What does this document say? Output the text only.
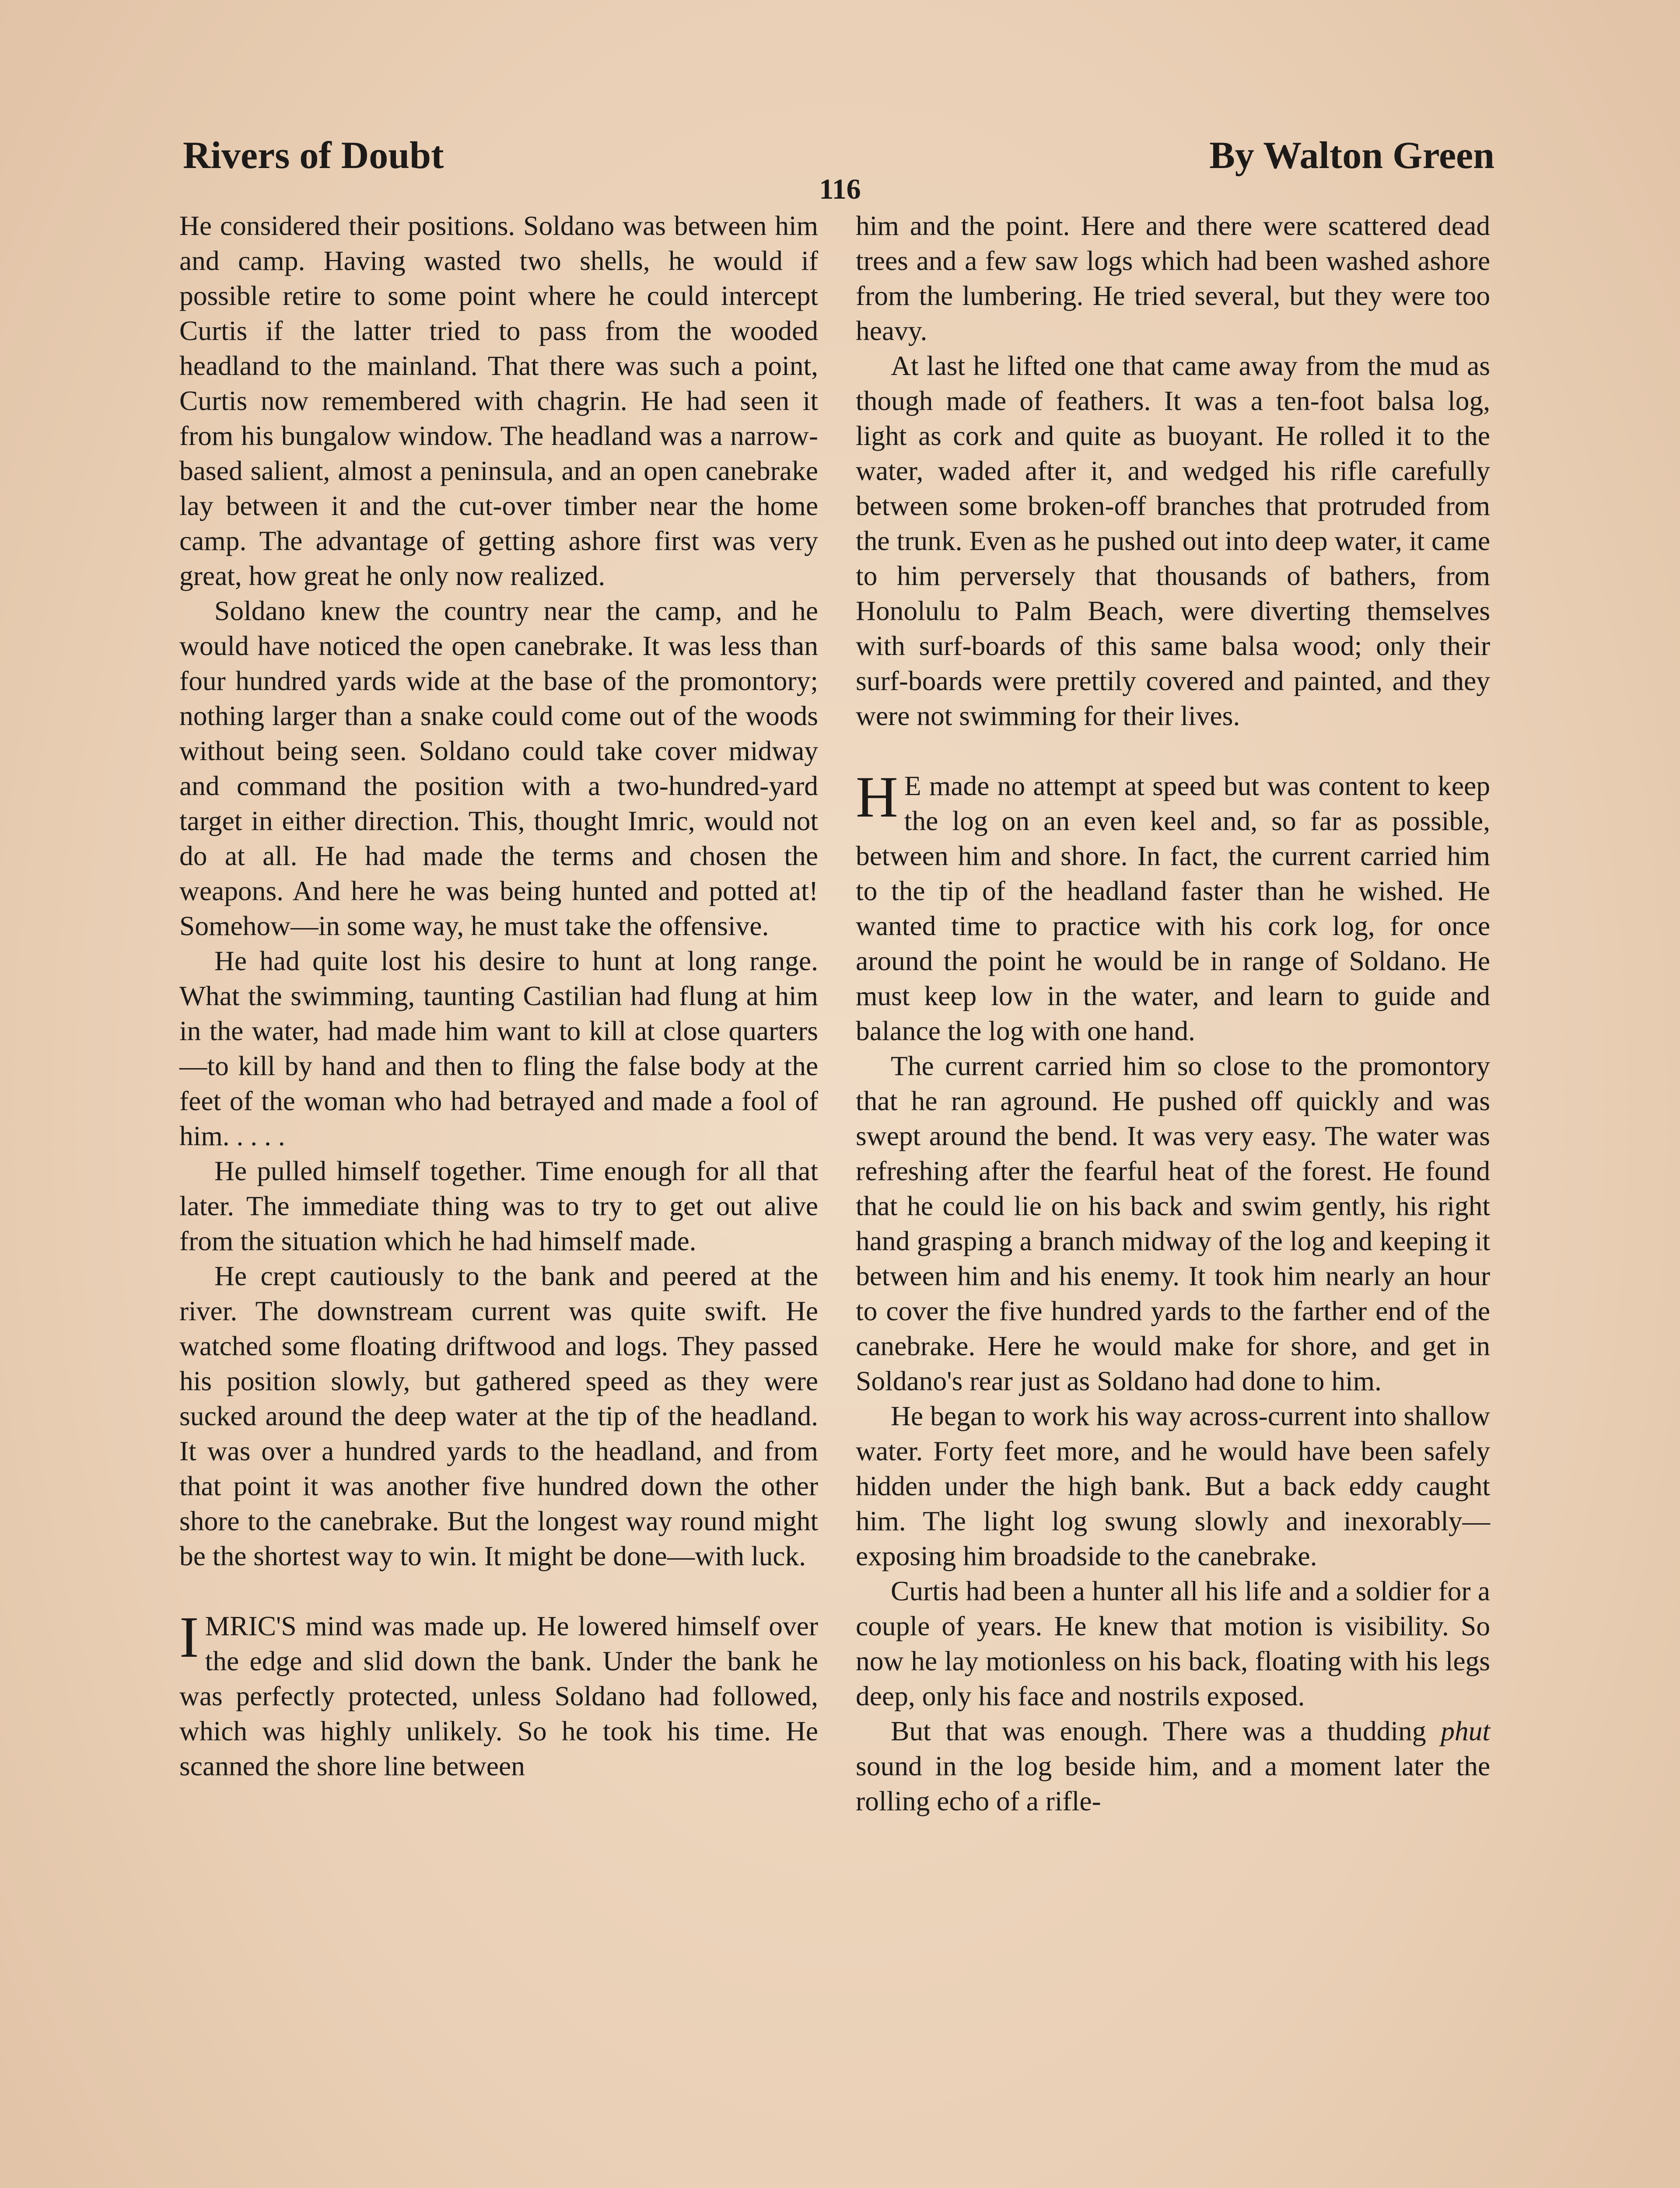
Rivers of Doubt	By Walton Green
116

He considered their positions. Soldano was between him and camp. Having wasted two shells, he would if possible retire to some point where he could intercept Curtis if the latter tried to pass from the wooded headland to the mainland. That there was such a point, Curtis now remembered with chagrin. He had seen it from his bungalow window. The headland was a narrow-based salient, almost a peninsula, and an open canebrake lay between it and the cut-over timber near the home camp. The advantage of getting ashore first was very great, how great he only now realized.

Soldano knew the country near the camp, and he would have noticed the open canebrake. It was less than four hundred yards wide at the base of the promontory; nothing larger than a snake could come out of the woods without being seen. Soldano could take cover midway and command the position with a two-hundred-yard target in either direction. This, thought Imric, would not do at all. He had made the terms and chosen the weapons. And here he was being hunted and potted at! Somehow—in some way, he must take the offensive.

He had quite lost his desire to hunt at long range. What the swimming, taunting Castilian had flung at him in the water, had made him want to kill at close quarters—to kill by hand and then to fling the false body at the feet of the woman who had betrayed and made a fool of him. . . . .

He pulled himself together. Time enough for all that later. The immediate thing was to try to get out alive from the situation which he had himself made.

He crept cautiously to the bank and peered at the river. The downstream current was quite swift. He watched some floating driftwood and logs. They passed his position slowly, but gathered speed as they were sucked around the deep water at the tip of the headland. It was over a hundred yards to the headland, and from that point it was another five hundred down the other shore to the canebrake. But the longest way round might be the shortest way to win. It might be done—with luck.

IMRIC'S mind was made up. He lowered himself over the edge and slid down the bank. Under the bank he was perfectly protected, unless Soldano had followed, which was highly unlikely. So he took his time. He scanned the shore line between

him and the point. Here and there were scattered dead trees and a few saw logs which had been washed ashore from the lumbering. He tried several, but they were too heavy.

At last he lifted one that came away from the mud as though made of feathers. It was a ten-foot balsa log, light as cork and quite as buoyant. He rolled it to the water, waded after it, and wedged his rifle carefully between some broken-off branches that protruded from the trunk. Even as he pushed out into deep water, it came to him perversely that thousands of bathers, from Honolulu to Palm Beach, were diverting themselves with surf-boards of this same balsa wood; only their surf-boards were prettily covered and painted, and they were not swimming for their lives.

H E made no attempt at speed but was content to keep the log on an even keel and, so far as possible, between him and shore. In fact, the current carried him to the tip of the headland faster than he wished. He wanted time to practice with his cork log, for once around the point he would be in range of Soldano. He must keep low in the water, and learn to guide and balance the log with one hand.

The current carried him so close to the promontory that he ran aground. He pushed off quickly and was swept around the bend. It was very easy. The water was refreshing after the fearful heat of the forest. He found that he could lie on his back and swim gently, his right hand grasping a branch midway of the log and keeping it between him and his enemy. It took him nearly an hour to cover the five hundred yards to the farther end of the canebrake. Here he would make for shore, and get in Soldano's rear just as Soldano had done to him.

He began to work his way across-current into shallow water. Forty feet more, and he would have been safely hidden under the high bank. But a back eddy caught him. The light log swung slowly and inexorably—exposing him broadside to the canebrake.

Curtis had been a hunter all his life and a soldier for a couple of years. He knew that motion is visibility. So now he lay motionless on his back, floating with his legs deep, only his face and nostrils exposed.

But that was enough. There was a thudding phut sound in the log beside him, and a moment later the rolling echo of a rifle-
